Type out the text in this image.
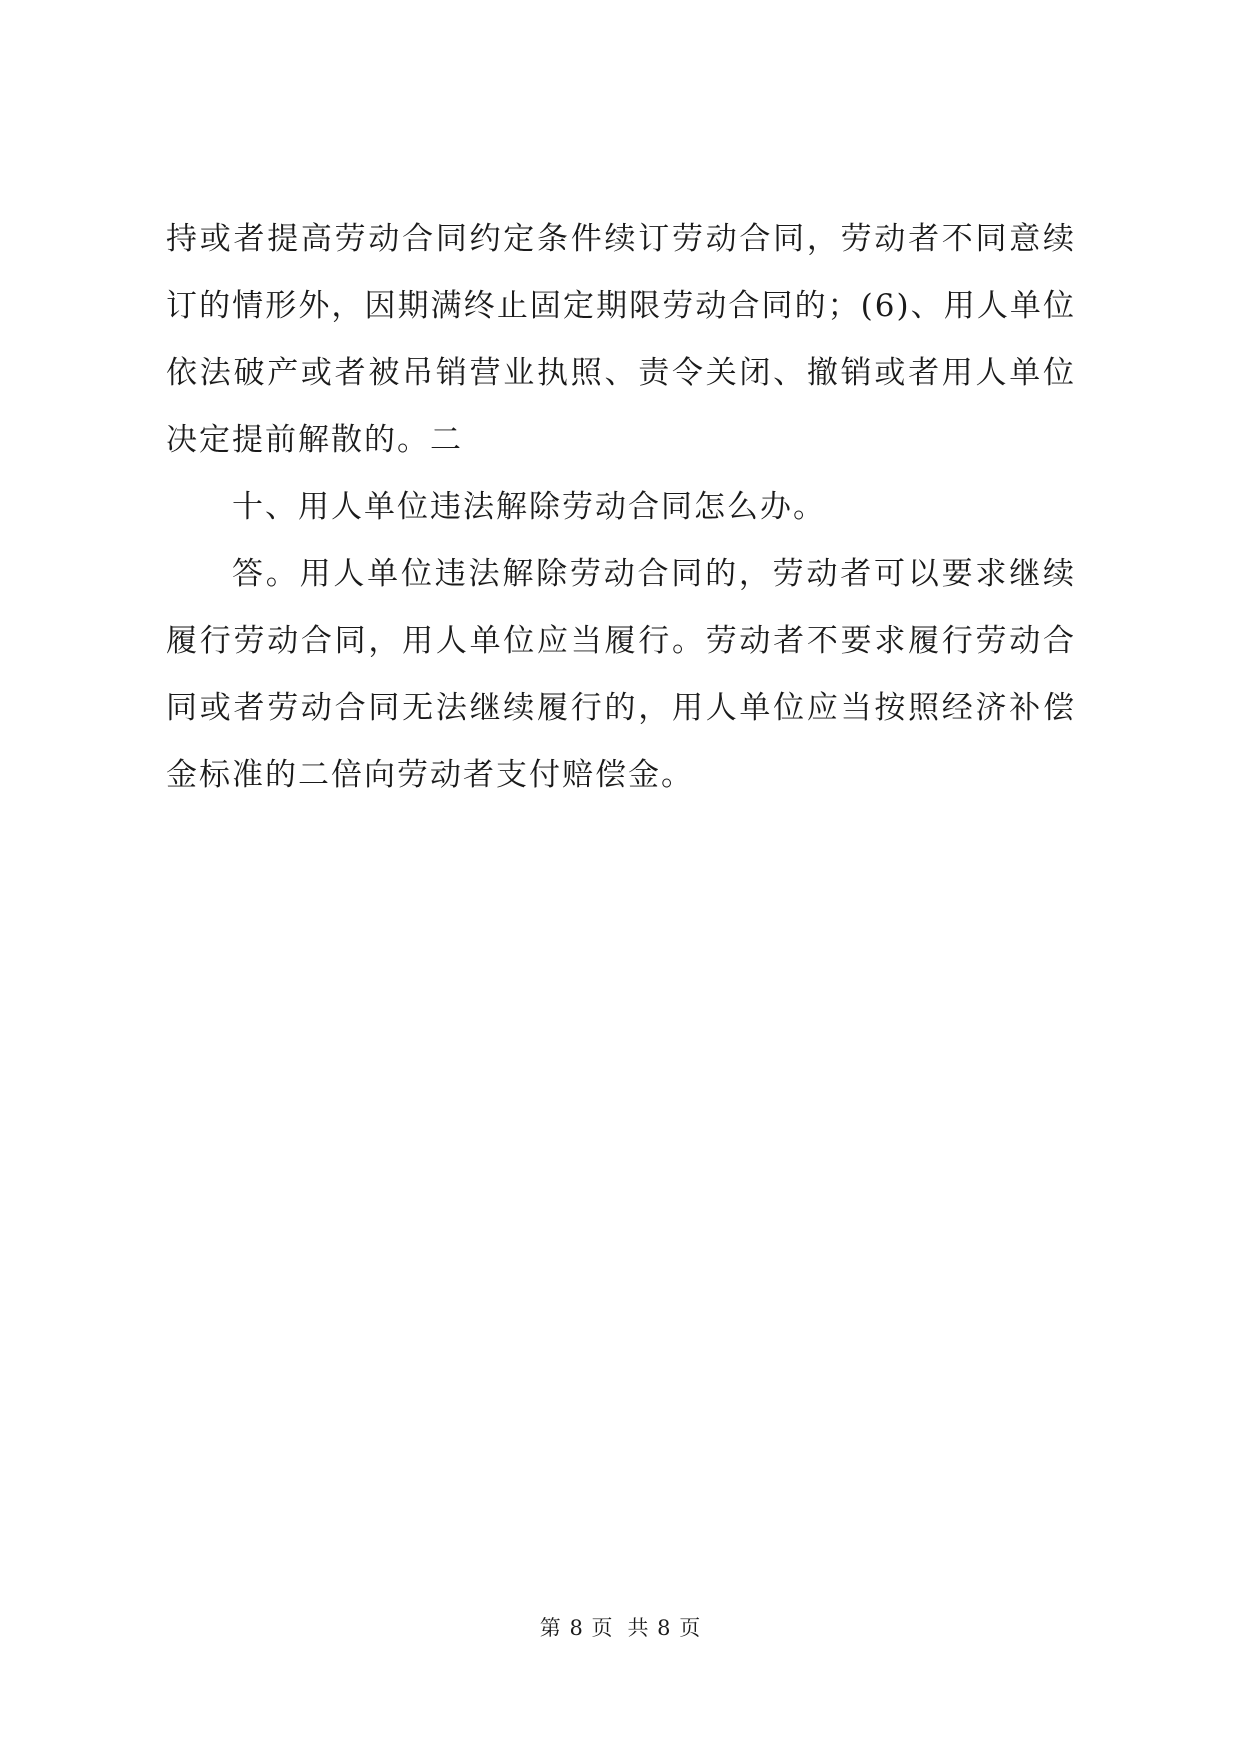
持或者提高劳动合同约定条件续订劳动合同，劳动者不同意续订的情形外，因期满终止固定期限劳动合同的；(6)、用人单位依法破产或者被吊销营业执照、责令关闭、撤销或者用人单位决定提前解散的。二

十、用人单位违法解除劳动合同怎么办。

答。用人单位违法解除劳动合同的，劳动者可以要求继续履行劳动合同，用人单位应当履行。劳动者不要求履行劳动合同或者劳动合同无法继续履行的，用人单位应当按照经济补偿金标准的二倍向劳动者支付赔偿金。

第 8 页 共 8 页
